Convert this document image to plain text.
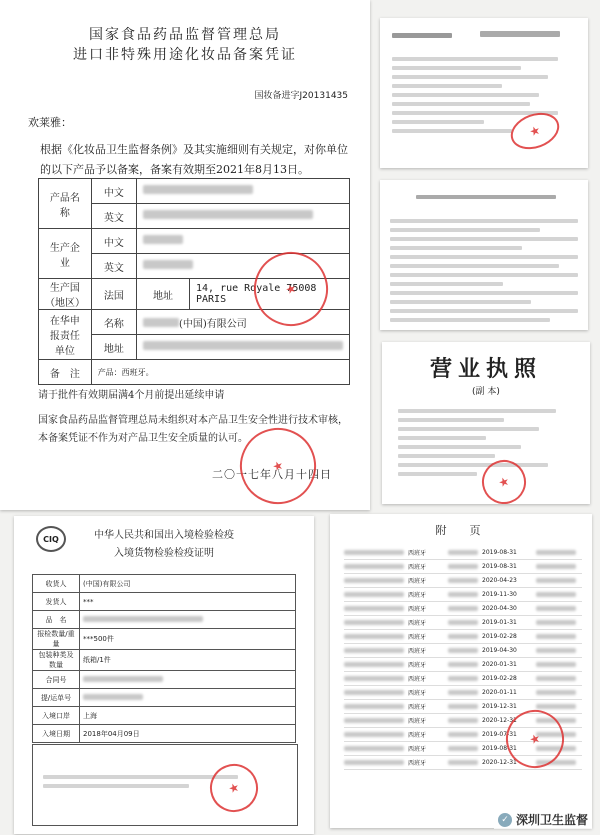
国家食品药品监督管理总局
进口非特殊用途化妆品备案凭证
国妆备进字J20131435
欢莱雅：
根据《化妆品卫生监督条例》及其实施细则有关规定，对你单位的以下产品予以备案，备案有效期至2021年8月13日。
产品名称	中文		
	英文		
生产企业	中文		
	英文		
生产国（地区）	法国	地址	14, rue Royale 75008 PARIS
在华申报责任单位	名称	(中国)有限公司	
	地址		
备　注	产品：西班牙。		
★
请于批件有效期届满4个月前提出延续申请
国家食品药品监督管理总局未组织对本产品卫生安全性进行技术审核，本备案凭证不作为对产品卫生安全质量的认可。
二〇一七年八月十四日
★
★
营业执照
(副 本)
★
CIQ	中华人民共和国出入境检验检疫
入境货物检验检疫证明
收货人	(中国)有限公司
发货人	***
品　名	
报检数量/重量	***500件
包装种类及数量	纸箱/1件
合同号	
提/运单号	
入境口岸	上海
入境日期	2018年04月09日
★
附　页
西班牙	2019-08-31
西班牙	2019-08-31
西班牙	2020-04-23
西班牙	2019-11-30
西班牙	2020-04-30
西班牙	2019-01-31
西班牙	2019-02-28
西班牙	2019-04-30
西班牙	2020-01-31
西班牙	2019-02-28
西班牙	2020-01-11
西班牙	2019-12-31
西班牙	2020-12-31
西班牙	2019-07-31
西班牙	2019-08-31
西班牙	2020-12-31
★
✓ 深圳卫生监督
